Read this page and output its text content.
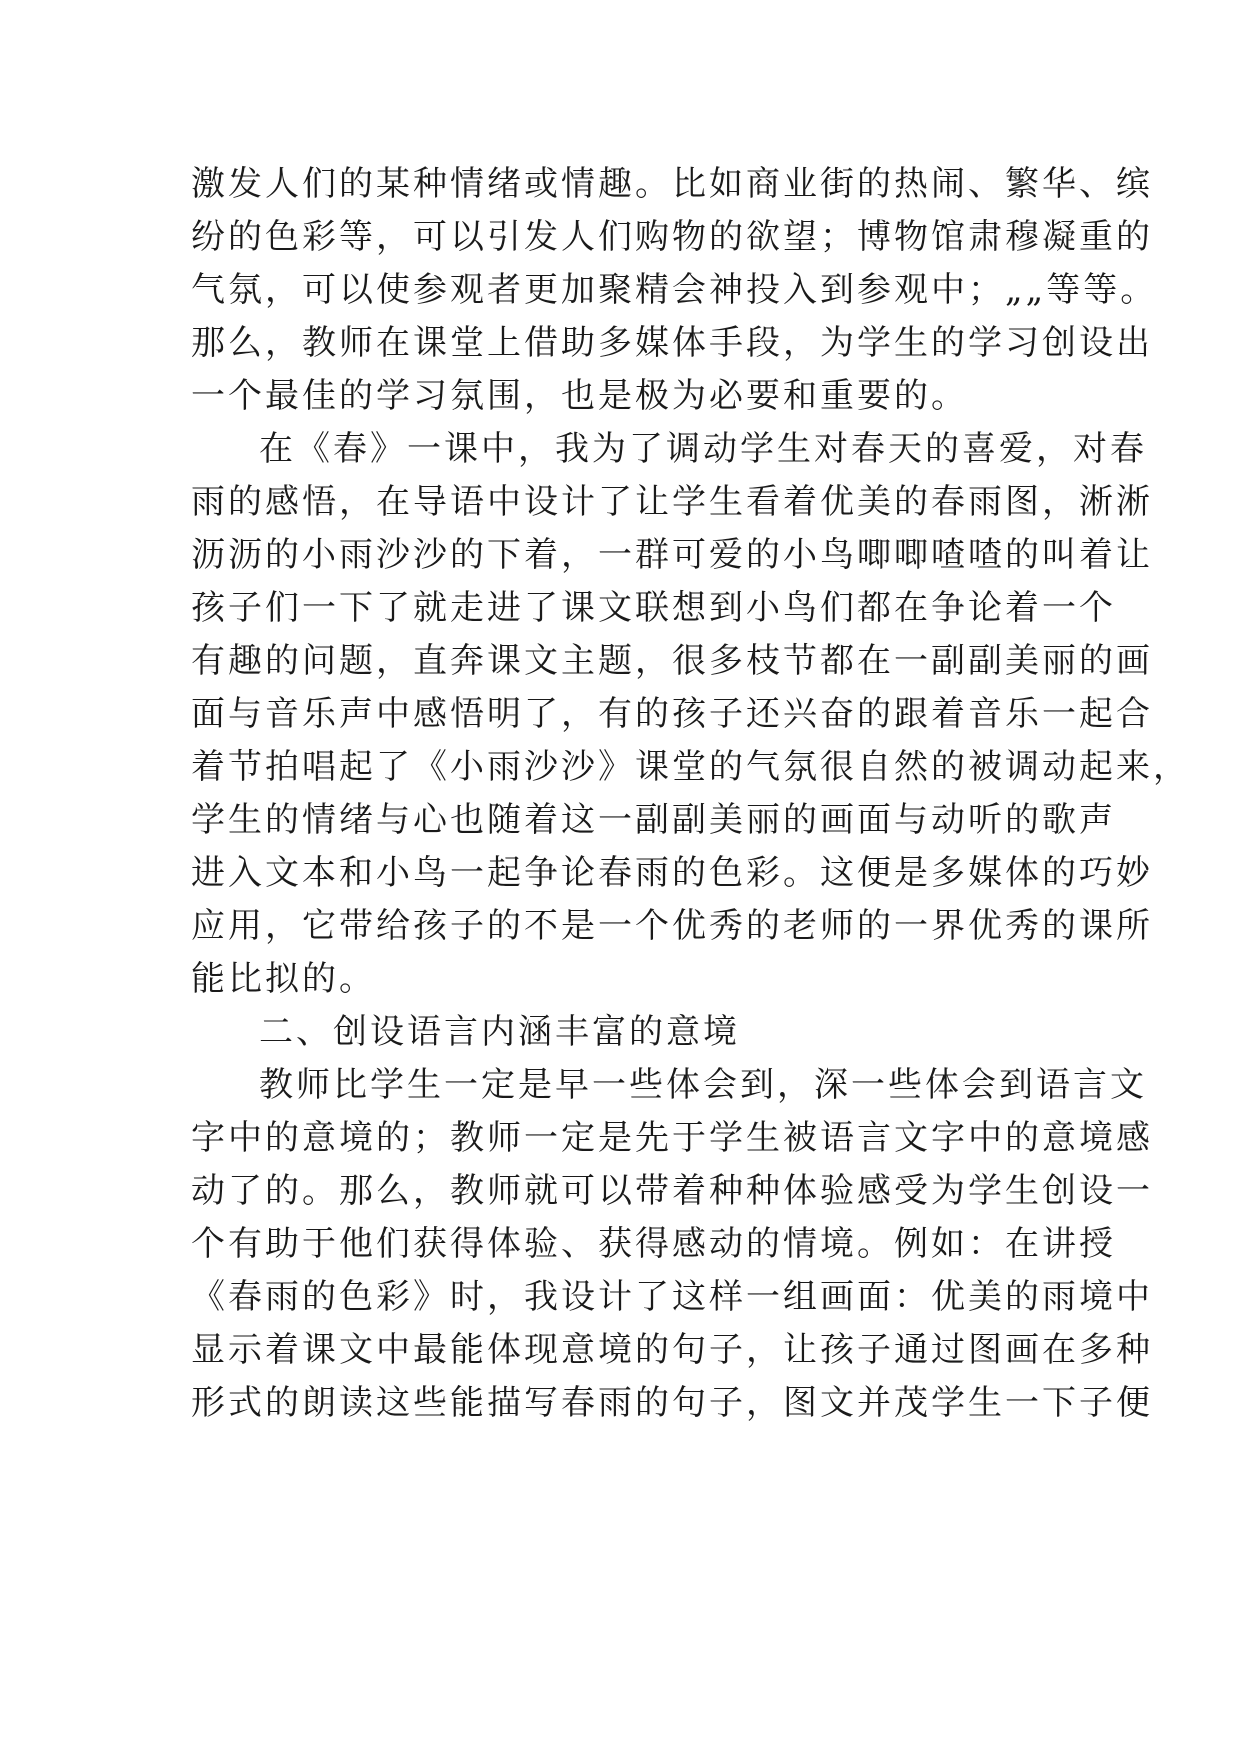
激发人们的某种情绪或情趣。比如商业街的热闹、繁华、缤
纷的色彩等，可以引发人们购物的欲望；博物馆肃穆凝重的
气氛，可以使参观者更加聚精会神投入到参观中；„„等等。
那么，教师在课堂上借助多媒体手段，为学生的学习创设出
一个最佳的学习氛围，也是极为必要和重要的。
在《春》一课中，我为了调动学生对春天的喜爱，对春
雨的感悟，在导语中设计了让学生看着优美的春雨图，淅淅
沥沥的小雨沙沙的下着，一群可爱的小鸟唧唧喳喳的叫着让
孩子们一下了就走进了课文联想到小鸟们都在争论着一个
有趣的问题，直奔课文主题，很多枝节都在一副副美丽的画
面与音乐声中感悟明了，有的孩子还兴奋的跟着音乐一起合
着节拍唱起了《小雨沙沙》课堂的气氛很自然的被调动起来，
学生的情绪与心也随着这一副副美丽的画面与动听的歌声
进入文本和小鸟一起争论春雨的色彩。这便是多媒体的巧妙
应用，它带给孩子的不是一个优秀的老师的一界优秀的课所
能比拟的。
二、创设语言内涵丰富的意境
教师比学生一定是早一些体会到，深一些体会到语言文
字中的意境的；教师一定是先于学生被语言文字中的意境感
动了的。那么，教师就可以带着种种体验感受为学生创设一
个有助于他们获得体验、获得感动的情境。例如：在讲授
《春雨的色彩》时，我设计了这样一组画面：优美的雨境中
显示着课文中最能体现意境的句子，让孩子通过图画在多种
形式的朗读这些能描写春雨的句子，图文并茂学生一下子便
